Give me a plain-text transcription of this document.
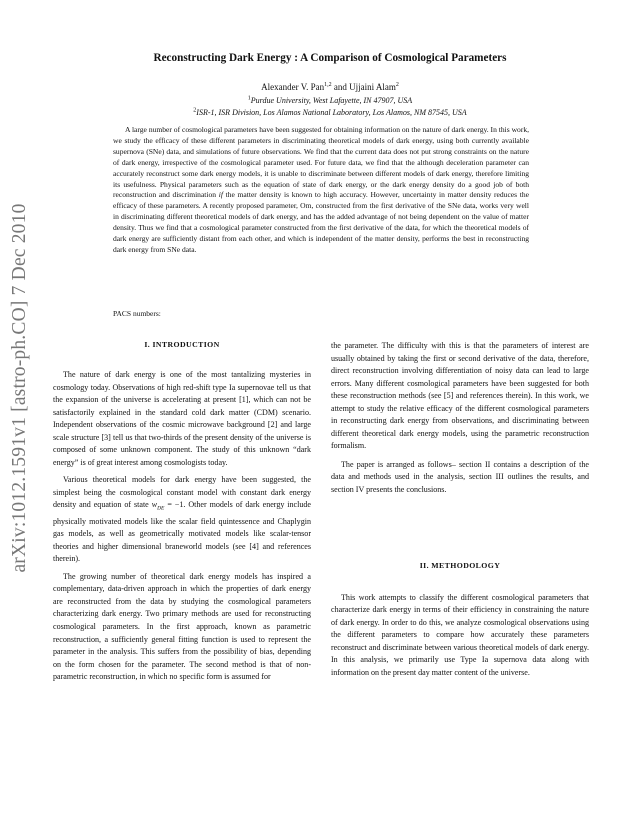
arXiv:1012.1591v1 [astro-ph.CO] 7 Dec 2010
Reconstructing Dark Energy : A Comparison of Cosmological Parameters
Alexander V. Pan$^{1,2}$ and Ujjaini Alam$^2$
$^1$Purdue University, West Lafayette, IN 47907, USA
$^2$ISR-1, ISR Division, Los Alamos National Laboratory, Los Alamos, NM 87545, USA

A large number of cosmological parameters have been suggested for obtaining information on the nature of dark energy. In this work, we study the efficacy of these different parameters in discriminating theoretical models of dark energy, using both currently available supernova (SNe) data, and simulations of future observations. We find that the current data does not put strong constraints on the nature of dark energy, irrespective of the cosmological parameter used. For future data, we find that the although deceleration parameter can accurately reconstruct some dark energy models, it is unable to discriminate between different models of dark energy, therefore limiting its usefulness. Physical parameters such as the equation of state of dark energy, or the dark energy density do a good job of both reconstruction and discrimination if the matter density is known to high accuracy. However, uncertainty in matter density reduces the efficacy of these parameters. A recently proposed parameter, Om, constructed from the first derivative of the SNe data, works very well in discriminating different theoretical models of dark energy, and has the added advantage of not being dependent on the value of matter density. Thus we find that a cosmological parameter constructed from the first derivative of the data, for which the theoretical models of dark energy are sufficiently distant from each other, and which is independent of the matter density, performs the best in reconstructing dark energy from SNe data.

PACS numbers:

I. INTRODUCTION

The nature of dark energy is one of the most tantalizing mysteries in cosmology today. Observations of high red-shift type Ia supernovae tell us that the expansion of the universe is accelerating at present [1], which can not be satisfactorily explained in the standard cold dark matter (CDM) scenario. Independent observations of the cosmic microwave background [2] and large scale structure [3] tell us that two-thirds of the present density of the universe is composed of some unknown component. The study of this unknown “dark energy” is of great interest among cosmologists today.

Various theoretical models for dark energy have been suggested, the simplest being the cosmological constant model with constant dark energy density and equation of state $w_{DE} = -1$. Other models of dark energy include physically motivated models like the scalar field quintessence and Chaplygin gas models, as well as geometrically motivated models like scalar-tensor theories and higher dimensional braneworld models (see [4] and references therein).

The growing number of theoretical dark energy models has inspired a complementary, data-driven approach in which the properties of dark energy are reconstructed from the data by studying the cosmological parameters characterizing dark energy. Two primary methods are used for reconstructing cosmological parameters. In the first approach, known as parametric reconstruction, a sufficiently general fitting function is used to represent the parameter in the analysis. This suffers from the possibility of bias, depending on the form chosen for the parameter. The second method is that of non-parametric reconstruction, in which no specific form is assumed for

the parameter. The difficulty with this is that the parameters of interest are usually obtained by taking the first or second derivative of the data, therefore, direct reconstruction involving differentiation of noisy data can lead to large errors. Many different cosmological parameters have been suggested for both these reconstruction methods (see [5] and references therein). In this work, we attempt to study the relative efficacy of the different cosmological parameters in reconstructing dark energy from observations, and discriminating between different theoretical dark energy models, using the parametric reconstruction formalism.

The paper is arranged as follows– section II contains a description of the data and methods used in the analysis, section III outlines the results, and section IV presents the conclusions.

II. METHODOLOGY

This work attempts to classify the different cosmological parameters that characterize dark energy in terms of their efficiency in constraining the nature of dark energy. In order to do this, we analyze cosmological observations using the different parameters to compare how accurately these parameters reconstruct and discriminate between various theoretical models of dark energy. In this analysis, we primarily use Type Ia supernova data along with information on the present day matter content of the universe.
